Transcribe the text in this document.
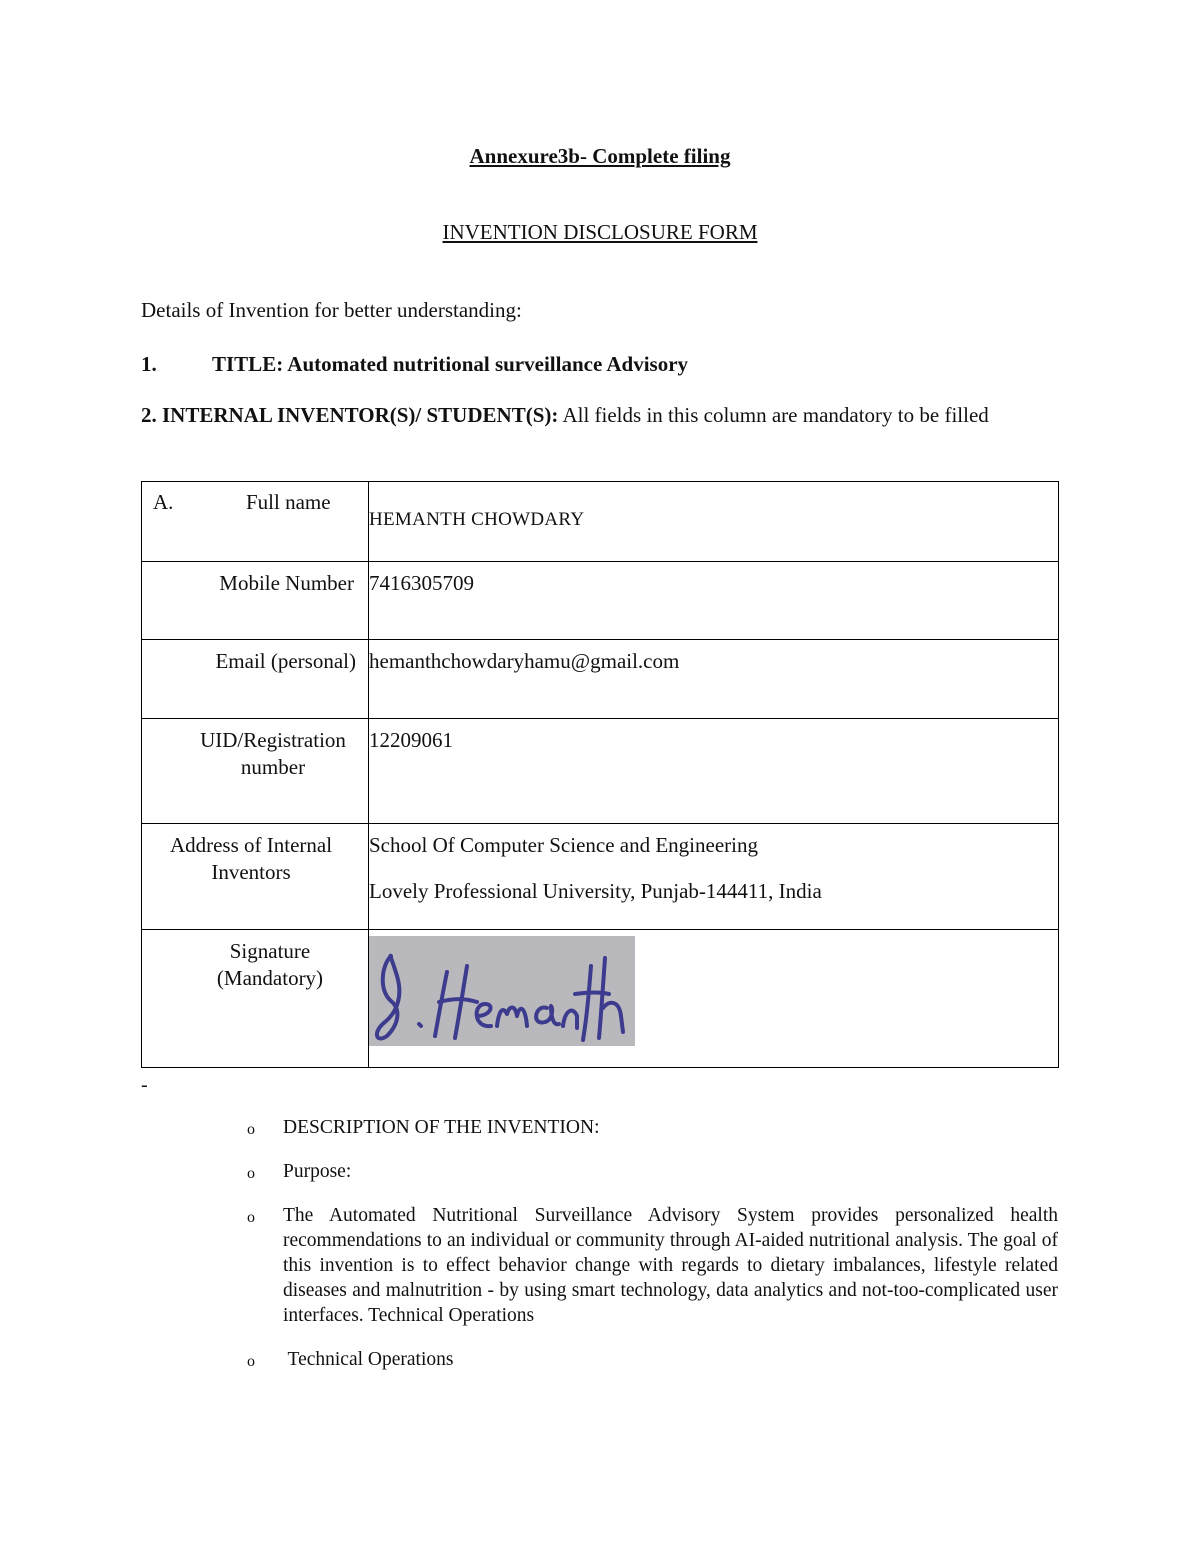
Annexure3b- Complete filing
INVENTION DISCLOSURE FORM
Details of Invention for better understanding:
1.	TITLE: Automated nutritional surveillance Advisory
2. INTERNAL INVENTOR(S)/ STUDENT(S): All fields in this column are mandatory to be filled
A. Full name	HEMANTH CHOWDARY

Mobile Number	7416305709

Email (personal)	hemanthchowdaryhamu@gmail.com

UID/Registration number	12209061

Address of Internal Inventors	School Of Computer Science and Engineering
Lovely Professional University, Punjab-144411, India

Signature (Mandatory)

-
o DESCRIPTION OF THE INVENTION:
o Purpose:
o The Automated Nutritional Surveillance Advisory System provides personalized health recommendations to an individual or community through AI-aided nutritional analysis. The goal of this invention is to effect behavior change with regards to dietary imbalances, lifestyle related diseases and malnutrition - by using smart technology, data analytics and not-too-complicated user interfaces. Technical Operations
o Technical Operations
